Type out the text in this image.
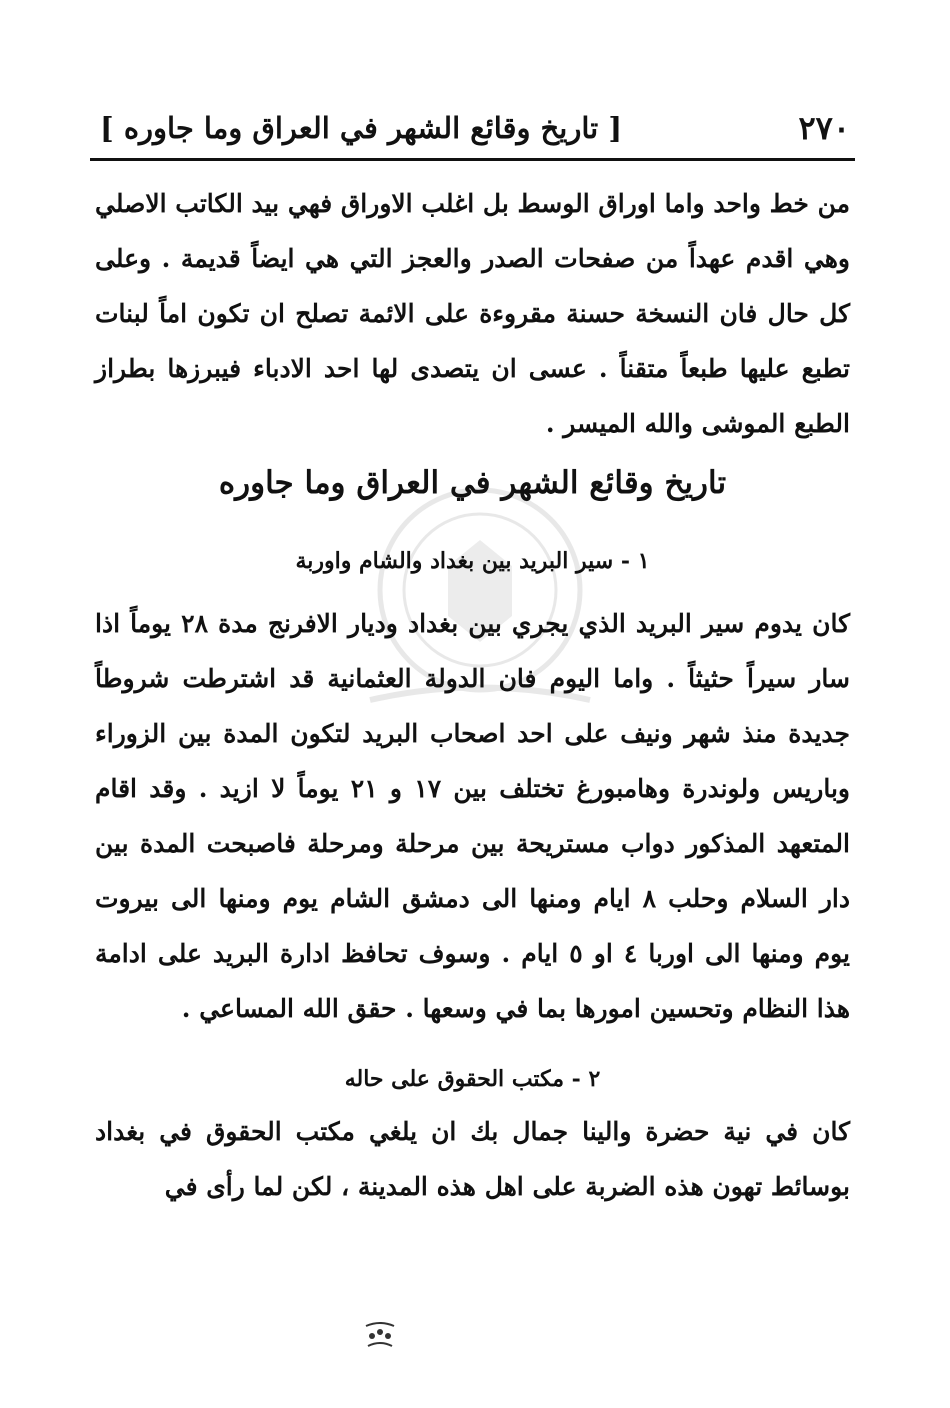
٢٧٠
[ تاريخ وقائع الشهر في العراق وما جاوره ]

من خط واحد واما اوراق الوسط بل اغلب الاوراق فهي بيد الكاتب الاصلي وهي اقدم عهداً من صفحات الصدر والعجز التي هي ايضاً قديمة . وعلى كل حال فان النسخة حسنة مقروءة على الائمة تصلح ان تكون اماً لبنات تطبع عليها طبعاً متقناً . عسى ان يتصدى لها احد الادباء فيبرزها بطراز الطبع الموشى والله الميسر .

تاريخ وقائع الشهر في العراق وما جاوره
١ - سير البريد بين بغداد والشام واوربة

كان يدوم سير البريد الذي يجري بين بغداد وديار الافرنج مدة ٢٨ يوماً اذا سار سيراً حثيثاً . واما اليوم فان الدولة العثمانية قد اشترطت شروطاً جديدة منذ شهر ونيف على احد اصحاب البريد لتكون المدة بين الزوراء وباريس ولوندرة وهامبورغ تختلف بين ١٧ و ٢١ يوماً لا ازيد . وقد اقام المتعهد المذكور دواب مستريحة بين مرحلة ومرحلة فاصبحت المدة بين دار السلام وحلب ٨ ايام ومنها الى دمشق الشام يوم ومنها الى بيروت يوم ومنها الى اوربا ٤ او ٥ ايام . وسوف تحافظ ادارة البريد على ادامة هذا النظام وتحسين امورها بما في وسعها . حقق الله المساعي .

٢ - مكتب الحقوق على حاله

كان في نية حضرة والينا جمال بك ان يلغي مكتب الحقوق في بغداد بوسائط تهون هذه الضربة على اهل هذه المدينة ، لكن لما رأى في
